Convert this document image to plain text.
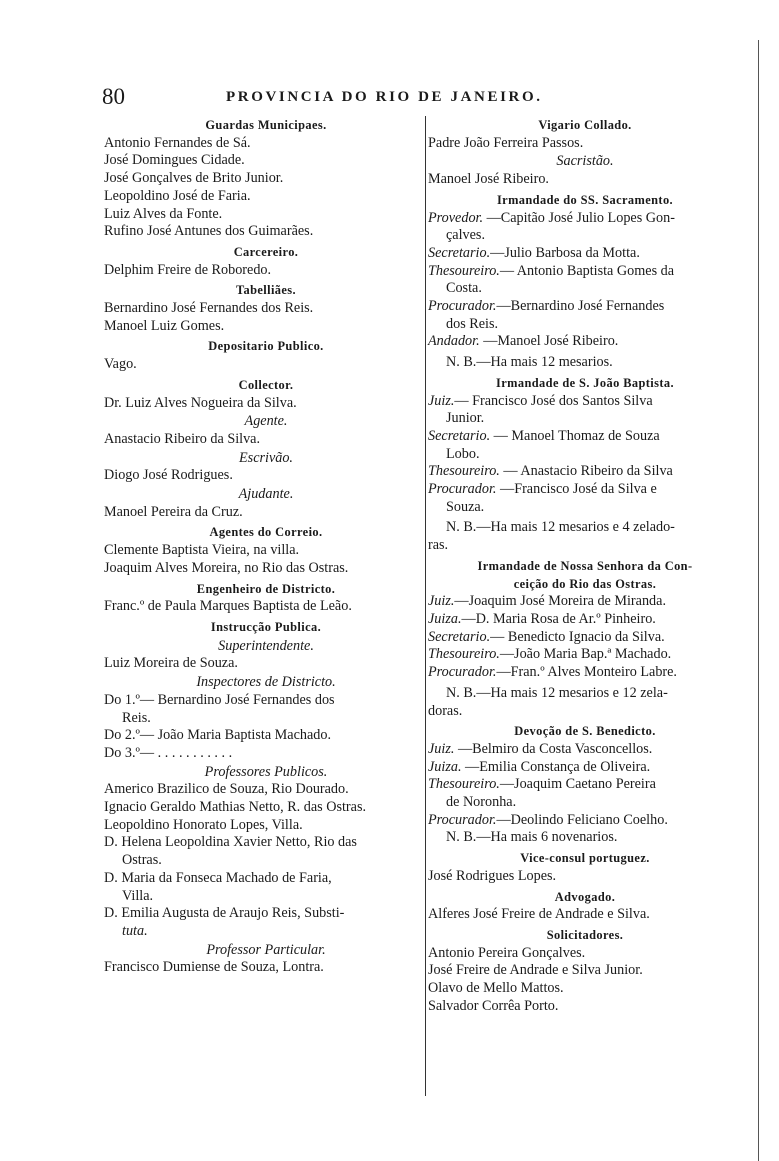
80	PROVINCIA DO RIO DE JANEIRO.
Guardas Municipaes.
Antonio Fernandes de Sá.
José Domingues Cidade.
José Gonçalves de Brito Junior.
Leopoldino José de Faria.
Luiz Alves da Fonte.
Rufino José Antunes dos Guimarães.
Carcereiro.
Delphim Freire de Roboredo.
Tabelliães.
Bernardino José Fernandes dos Reis.
Manoel Luiz Gomes.
Depositario Publico.
Vago.
Collector.
Dr. Luiz Alves Nogueira da Silva.
Agente.
Anastacio Ribeiro da Silva.
Escrivão.
Diogo José Rodrigues.
Ajudante.
Manoel Pereira da Cruz.
Agentes do Correio.
Clemente Baptista Vieira, na villa.
Joaquim Alves Moreira, no Rio das Ostras.
Engenheiro de Districto.
Franc.º de Paula Marques Baptista de Leão.
Instrucção Publica.
Superintendente.
Luiz Moreira de Souza.
Inspectores de Districto.
Do 1.º— Bernardino José Fernandes dos
Reis.
Do 2.º— João Maria Baptista Machado.
Do 3.º— . . . . . . . . . . .
Professores Publicos.
Americo Brazilico de Souza, Rio Dourado.
Ignacio Geraldo Mathias Netto, R. das Ostras.
Leopoldino Honorato Lopes, Villa.
D. Helena Leopoldina Xavier Netto, Rio das
Ostras.
D. Maria da Fonseca Machado de Faria,
Villa.
D. Emilia Augusta de Araujo Reis, Substi-
tuta.
Professor Particular.
Francisco Dumiense de Souza, Lontra.
Vigario Collado.
Padre João Ferreira Passos.
Sacristão.
Manoel José Ribeiro.
Irmandade do SS. Sacramento.
Provedor. —Capitão José Julio Lopes Gon-
çalves.
Secretario.—Julio Barbosa da Motta.
Thesoureiro.— Antonio Baptista Gomes da
Costa.
Procurador.—Bernardino José Fernandes
dos Reis.
Andador. —Manoel José Ribeiro.
N. B.—Ha mais 12 mesarios.
Irmandade de S. João Baptista.
Juiz.— Francisco José dos Santos Silva
Junior.
Secretario. — Manoel Thomaz de Souza
Lobo.
Thesoureiro. — Anastacio Ribeiro da Silva
Procurador. —Francisco José da Silva e
Souza.
N. B.—Ha mais 12 mesarios e 4 zelado-
ras.
Irmandade de Nossa Senhora da Con-
ceição do Rio das Ostras.
Juiz.—Joaquim José Moreira de Miranda.
Juiza.—D. Maria Rosa de Ar.º Pinheiro.
Secretario.— Benedicto Ignacio da Silva.
Thesoureiro.—João Maria Bap.ª Machado.
Procurador.—Fran.º Alves Monteiro Labre.
N. B.—Ha mais 12 mesarios e 12 zela-
doras.
Devoção de S. Benedicto.
Juiz. —Belmiro da Costa Vasconcellos.
Juiza. —Emilia Constança de Oliveira.
Thesoureiro.—Joaquim Caetano Pereira
de Noronha.
Procurador.—Deolindo Feliciano Coelho.
N. B.—Ha mais 6 novenarios.
Vice-consul portuguez.
José Rodrigues Lopes.
Advogado.
Alferes José Freire de Andrade e Silva.
Solicitadores.
Antonio Pereira Gonçalves.
José Freire de Andrade e Silva Junior.
Olavo de Mello Mattos.
Salvador Corrêa Porto.
